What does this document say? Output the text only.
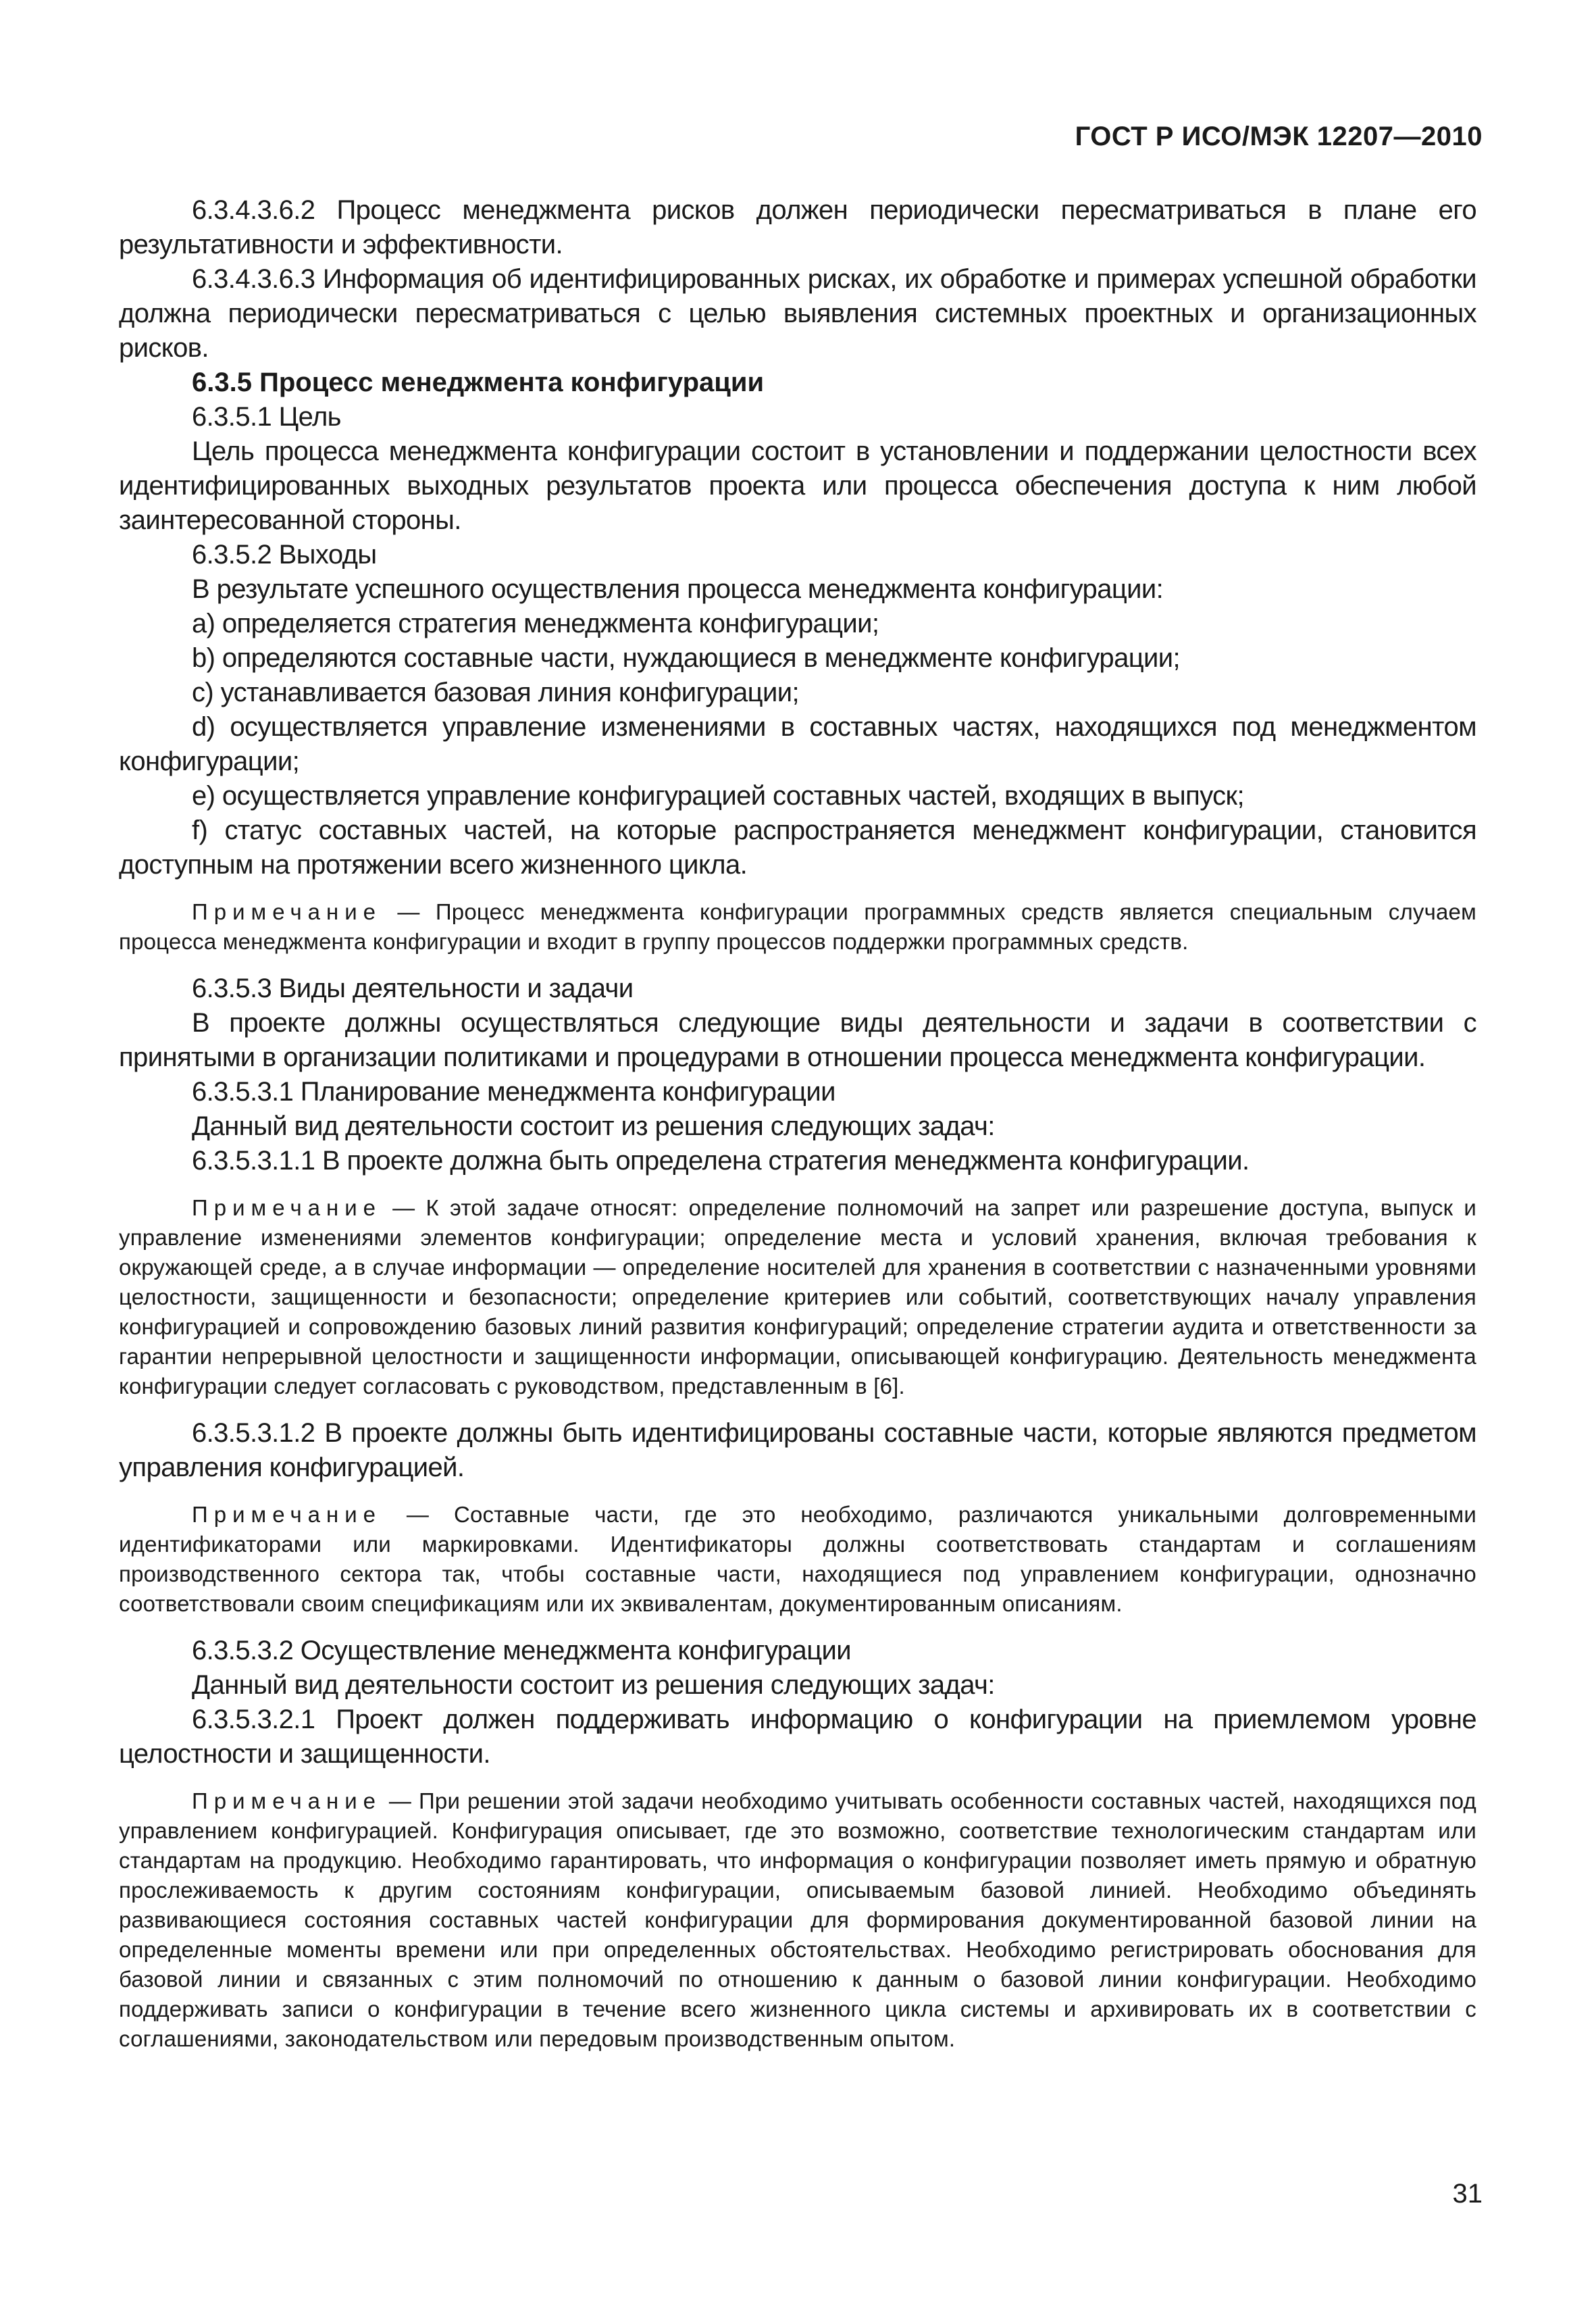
ГОСТ Р ИСО/МЭК 12207—2010

6.3.4.3.6.2 Процесс менеджмента рисков должен периодически пересматриваться в плане его результативности и эффективности.

6.3.4.3.6.3 Информация об идентифицированных рисках, их обработке и примерах успешной обработки должна периодически пересматриваться с целью выявления системных проектных и организационных рисков.

6.3.5 Процесс менеджмента конфигурации

6.3.5.1 Цель

Цель процесса менеджмента конфигурации состоит в установлении и поддержании целостности всех идентифицированных выходных результатов проекта или процесса обеспечения доступа к ним любой заинтересованной стороны.

6.3.5.2 Выходы

В результате успешного осуществления процесса менеджмента конфигурации:

a) определяется стратегия менеджмента конфигурации;

b) определяются составные части, нуждающиеся в менеджменте конфигурации;

c) устанавливается базовая линия конфигурации;

d) осуществляется управление изменениями в составных частях, находящихся под менеджментом конфигурации;

e) осуществляется управление конфигурацией составных частей, входящих в выпуск;

f) статус составных частей, на которые распространяется менеджмент конфигурации, становится доступным на протяжении всего жизненного цикла.

Примечание — Процесс менеджмента конфигурации программных средств является специальным случаем процесса менеджмента конфигурации и входит в группу процессов поддержки программных средств.

6.3.5.3 Виды деятельности и задачи

В проекте должны осуществляться следующие виды деятельности и задачи в соответствии с принятыми в организации политиками и процедурами в отношении процесса менеджмента конфигурации.

6.3.5.3.1 Планирование менеджмента конфигурации

Данный вид деятельности состоит из решения следующих задач:

6.3.5.3.1.1 В проекте должна быть определена стратегия менеджмента конфигурации.

Примечание — К этой задаче относят: определение полномочий на запрет или разрешение доступа, выпуск и управление изменениями элементов конфигурации; определение места и условий хранения, включая требования к окружающей среде, а в случае информации — определение носителей для хранения в соответствии с назначенными уровнями целостности, защищенности и безопасности; определение критериев или событий, соответствующих началу управления конфигурацией и сопровождению базовых линий развития конфигураций; определение стратегии аудита и ответственности за гарантии непрерывной целостности и защищенности информации, описывающей конфигурацию. Деятельность менеджмента конфигурации следует согласовать с руководством, представленным в [6].

6.3.5.3.1.2 В проекте должны быть идентифицированы составные части, которые являются предметом управления конфигурацией.

Примечание — Составные части, где это необходимо, различаются уникальными долговременными идентификаторами или маркировками. Идентификаторы должны соответствовать стандартам и соглашениям производственного сектора так, чтобы составные части, находящиеся под управлением конфигурации, однозначно соответствовали своим спецификациям или их эквивалентам, документированным описаниям.

6.3.5.3.2 Осуществление менеджмента конфигурации

Данный вид деятельности состоит из решения следующих задач:

6.3.5.3.2.1 Проект должен поддерживать информацию о конфигурации на приемлемом уровне целостности и защищенности.

Примечание — При решении этой задачи необходимо учитывать особенности составных частей, находящихся под управлением конфигурацией. Конфигурация описывает, где это возможно, соответствие технологическим стандартам или стандартам на продукцию. Необходимо гарантировать, что информация о конфигурации позволяет иметь прямую и обратную прослеживаемость к другим состояниям конфигурации, описываемым базовой линией. Необходимо объединять развивающиеся состояния составных частей конфигурации для формирования документированной базовой линии на определенные моменты времени или при определенных обстоятельствах. Необходимо регистрировать обоснования для базовой линии и связанных с этим полномочий по отношению к данным о базовой линии конфигурации. Необходимо поддерживать записи о конфигурации в течение всего жизненного цикла системы и архивировать их в соответствии с соглашениями, законодательством или передовым производственным опытом.

31
